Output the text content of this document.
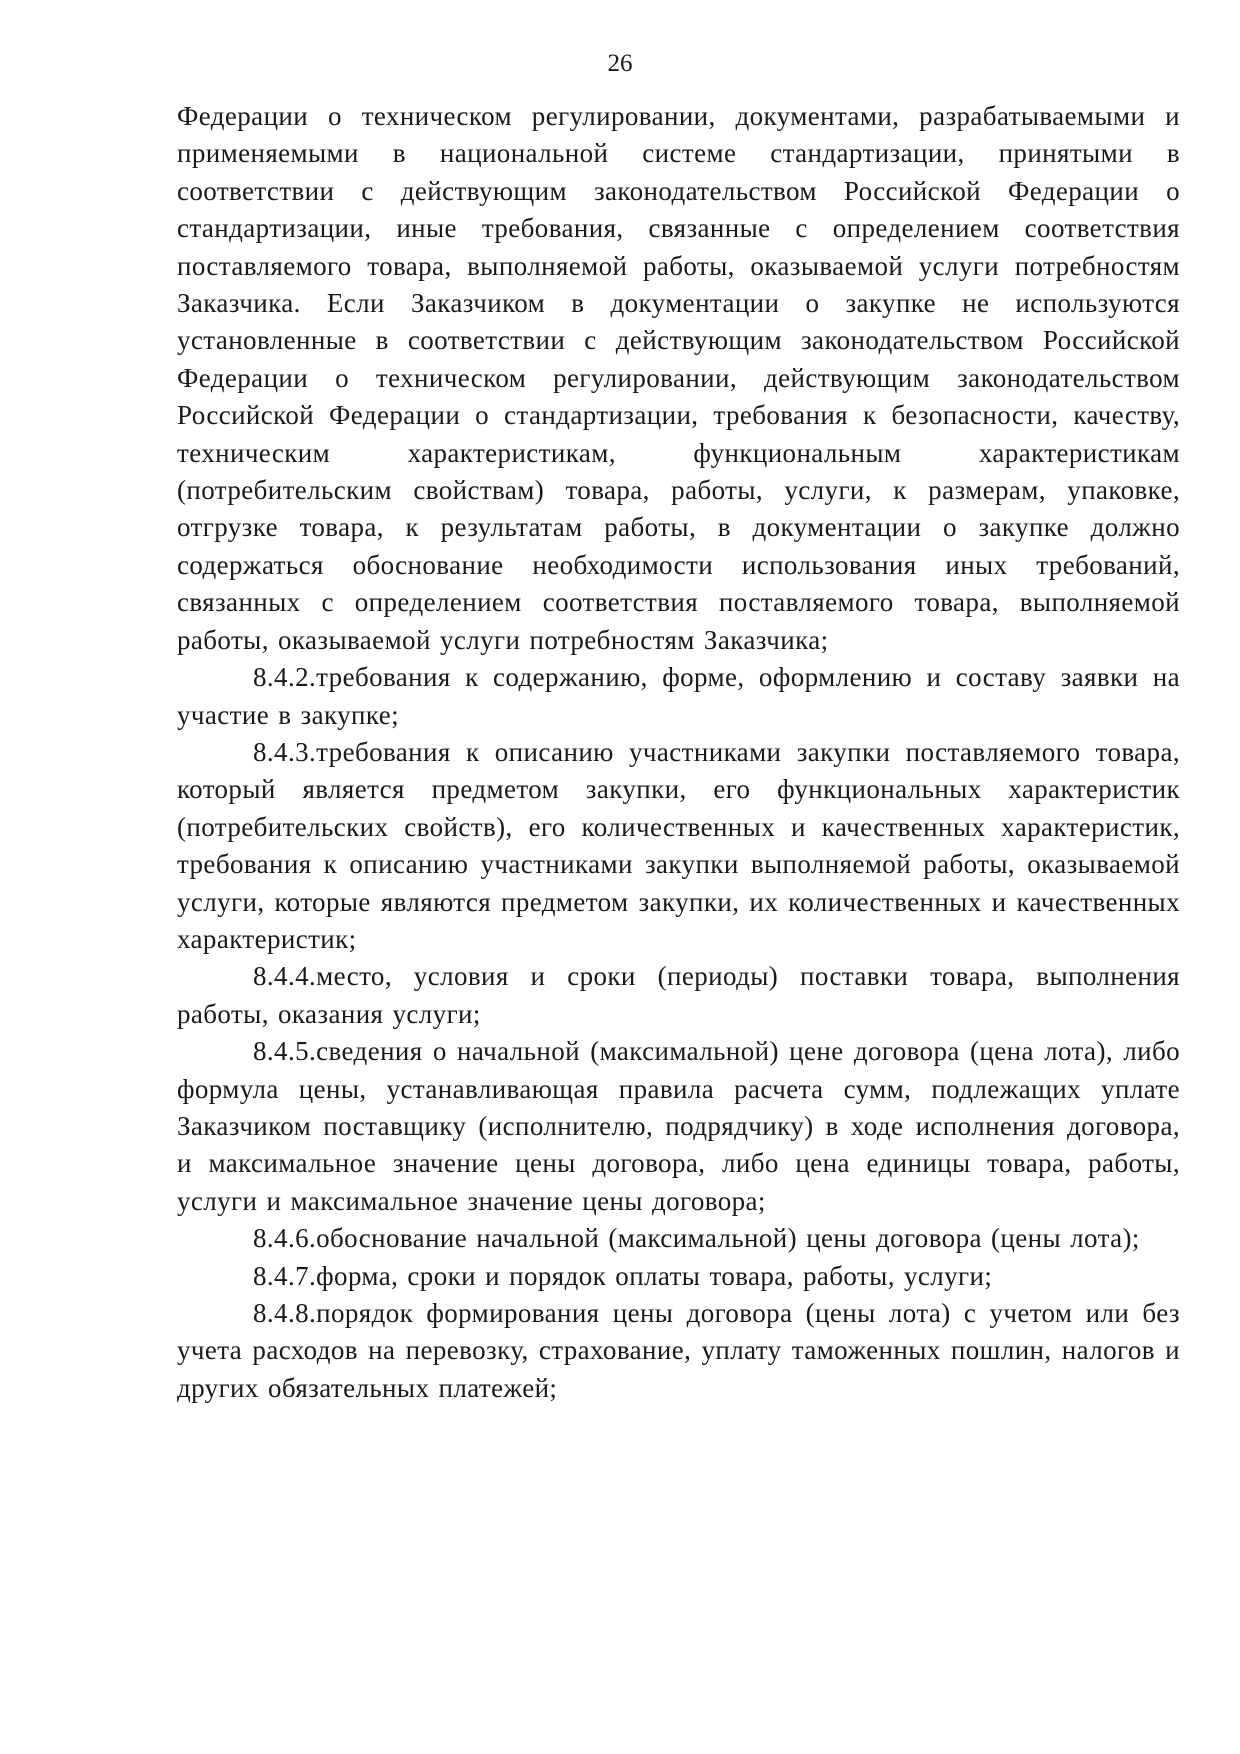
26

Федерации о техническом регулировании, документами, разрабатываемыми и применяемыми в национальной системе стандартизации, принятыми в соответствии с действующим законодательством Российской Федерации о стандартизации, иные требования, связанные с определением соответствия поставляемого товара, выполняемой работы, оказываемой услуги потребностям Заказчика. Если Заказчиком в документации о закупке не используются установленные в соответствии с действующим законодательством Российской Федерации о техническом регулировании, действующим законодательством Российской Федерации о стандартизации, требования к безопасности, качеству, техническим характеристикам, функциональным характеристикам (потребительским свойствам) товара, работы, услуги, к размерам, упаковке, отгрузке товара, к результатам работы, в документации о закупке должно содержаться обоснование необходимости использования иных требований, связанных с определением соответствия поставляемого товара, выполняемой работы, оказываемой услуги потребностям Заказчика;

8.4.2.требования к содержанию, форме, оформлению и составу заявки на участие в закупке;

8.4.3.требования к описанию участниками закупки поставляемого товара, который является предметом закупки, его функциональных характеристик (потребительских свойств), его количественных и качественных характеристик, требования к описанию участниками закупки выполняемой работы, оказываемой услуги, которые являются предметом закупки, их количественных и качественных характеристик;

8.4.4.место, условия и сроки (периоды) поставки товара, выполнения работы, оказания услуги;

8.4.5.сведения о начальной (максимальной) цене договора (цена лота), либо формула цены, устанавливающая правила расчета сумм, подлежащих уплате Заказчиком поставщику (исполнителю, подрядчику) в ходе исполнения договора, и максимальное значение цены договора, либо цена единицы товара, работы, услуги и максимальное значение цены договора;

8.4.6.обоснование начальной (максимальной) цены договора (цены лота);

8.4.7.форма, сроки и порядок оплаты товара, работы, услуги;

8.4.8.порядок формирования цены договора (цены лота) с учетом или без учета расходов на перевозку, страхование, уплату таможенных пошлин, налогов и других обязательных платежей;
